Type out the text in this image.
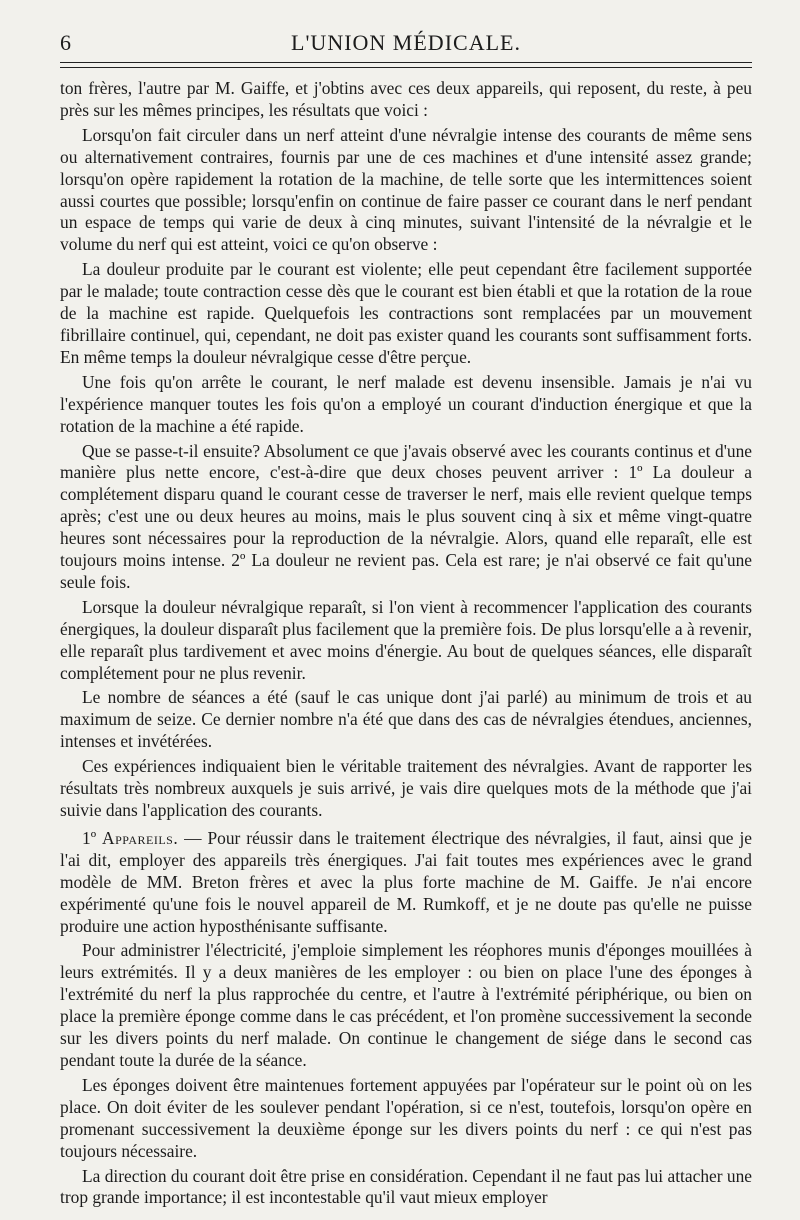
6	L'UNION MÉDICALE.

ton frères, l'autre par M. Gaiffe, et j'obtins avec ces deux appareils, qui reposent, du reste, à peu près sur les mêmes principes, les résultats que voici :

Lorsqu'on fait circuler dans un nerf atteint d'une névralgie intense des courants de même sens ou alternativement contraires, fournis par une de ces machines et d'une intensité assez grande; lorsqu'on opère rapidement la rotation de la machine, de telle sorte que les intermittences soient aussi courtes que possible; lorsqu'enfin on continue de faire passer ce courant dans le nerf pendant un espace de temps qui varie de deux à cinq minutes, suivant l'intensité de la névralgie et le volume du nerf qui est atteint, voici ce qu'on observe :

La douleur produite par le courant est violente; elle peut cependant être facilement supportée par le malade; toute contraction cesse dès que le courant est bien établi et que la rotation de la roue de la machine est rapide. Quelquefois les contractions sont remplacées par un mouvement fibrillaire continuel, qui, cependant, ne doit pas exister quand les courants sont suffisamment forts. En même temps la douleur névralgique cesse d'être perçue.

Une fois qu'on arrête le courant, le nerf malade est devenu insensible. Jamais je n'ai vu l'expérience manquer toutes les fois qu'on a employé un courant d'induction énergique et que la rotation de la machine a été rapide.

Que se passe-t-il ensuite? Absolument ce que j'avais observé avec les courants continus et d'une manière plus nette encore, c'est-à-dire que deux choses peuvent arriver : 1º La douleur a complétement disparu quand le courant cesse de traverser le nerf, mais elle revient quelque temps après; c'est une ou deux heures au moins, mais le plus souvent cinq à six et même vingt-quatre heures sont nécessaires pour la reproduction de la névralgie. Alors, quand elle reparaît, elle est toujours moins intense. 2º La douleur ne revient pas. Cela est rare; je n'ai observé ce fait qu'une seule fois.

Lorsque la douleur névralgique reparaît, si l'on vient à recommencer l'application des courants énergiques, la douleur disparaît plus facilement que la première fois. De plus lorsqu'elle a à revenir, elle reparaît plus tardivement et avec moins d'énergie. Au bout de quelques séances, elle disparaît complétement pour ne plus revenir.

Le nombre de séances a été (sauf le cas unique dont j'ai parlé) au minimum de trois et au maximum de seize. Ce dernier nombre n'a été que dans des cas de névralgies étendues, anciennes, intenses et invétérées.

Ces expériences indiquaient bien le véritable traitement des névralgies. Avant de rapporter les résultats très nombreux auxquels je suis arrivé, je vais dire quelques mots de la méthode que j'ai suivie dans l'application des courants.

1º Appareils. — Pour réussir dans le traitement électrique des névralgies, il faut, ainsi que je l'ai dit, employer des appareils très énergiques. J'ai fait toutes mes expériences avec le grand modèle de MM. Breton frères et avec la plus forte machine de M. Gaiffe. Je n'ai encore expérimenté qu'une fois le nouvel appareil de M. Rumkoff, et je ne doute pas qu'elle ne puisse produire une action hyposthénisante suffisante.

Pour administrer l'électricité, j'emploie simplement les réophores munis d'éponges mouillées à leurs extrémités. Il y a deux manières de les employer : ou bien on place l'une des éponges à l'extrémité du nerf la plus rapprochée du centre, et l'autre à l'extrémité périphérique, ou bien on place la première éponge comme dans le cas précédent, et l'on promène successivement la seconde sur les divers points du nerf malade. On continue le changement de siége dans le second cas pendant toute la durée de la séance.

Les éponges doivent être maintenues fortement appuyées par l'opérateur sur le point où on les place. On doit éviter de les soulever pendant l'opération, si ce n'est, toutefois, lorsqu'on opère en promenant successivement la deuxième éponge sur les divers points du nerf : ce qui n'est pas toujours nécessaire.

La direction du courant doit être prise en considération. Cependant il ne faut pas lui attacher une trop grande importance; il est incontestable qu'il vaut mieux employer
